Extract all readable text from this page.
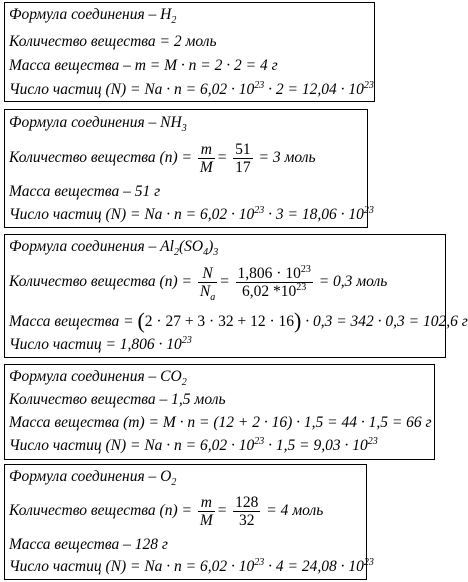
Формула соединения – $H_2$
Количество вещества = 2 моль
Масса вещества – m = M · n = 2 · 2 = 4 г
Число частиц $(N) = Na \cdot n = 6,02 \cdot 10^{23} \cdot 2 = 12,04 \cdot 10^{23}$
Формула соединения – $NH_3$
Количество вещества $(n) = \frac{m}{M} = \frac{51}{17} = 3$ моль
Масса вещества – 51 г
Число частиц $(N) = Na \cdot n = 6,02 \cdot 10^{23} \cdot 3 = 18,06 \cdot 10^{23}$
Формула соединения – $Al_2(SO_4)_3$
Количество вещества $(n) = \frac{N}{N_a} = \frac{1,806 \cdot 10^{23}}{6,02 *10^{23}} = 0,3$ моль
Масса вещества = (2 · 27 + 3 · 32 + 12 · 16) · 0,3 = 342 · 0,3 = 102,6 г
Число частиц = $1,806 \cdot 10^{23}$
Формула соединения – $CO_2$
Количество вещества – 1,5 моль
Масса вещества (m) = M · n = (12 + 2 · 16) · 1,5 = 44 · 1,5 = 66 г
Число частиц $(N) = Na \cdot n = 6,02 \cdot 10^{23} \cdot 1,5 = 9,03 \cdot 10^{23}$
Формула соединения – $O_2$
Количество вещества $(n) = \frac{m}{M} = \frac{128}{32} = 4$ моль
Масса вещества – 128 г
Число частиц $(N) = Na \cdot n = 6,02 \cdot 10^{23} \cdot 4 = 24,08 \cdot 10^{23}$
